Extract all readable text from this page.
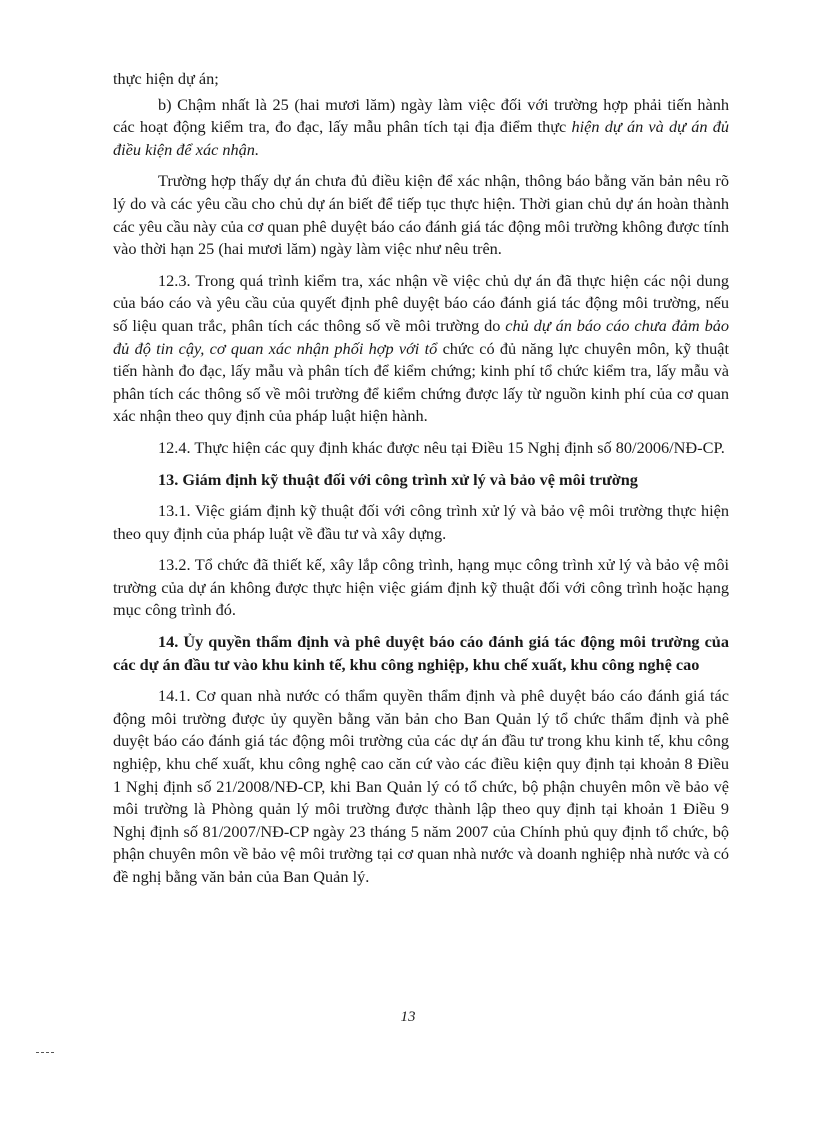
thực hiện dự án;

b) Chậm nhất là 25 (hai mươi lăm) ngày làm việc đối với trường hợp phải tiến hành các hoạt động kiểm tra, đo đạc, lấy mẫu phân tích tại địa điểm thực hiện dự án và dự án đủ điều kiện để xác nhận.

Trường hợp thấy dự án chưa đủ điều kiện để xác nhận, thông báo bằng văn bản nêu rõ lý do và các yêu cầu cho chủ dự án biết để tiếp tục thực hiện. Thời gian chủ dự án hoàn thành các yêu cầu này của cơ quan phê duyệt báo cáo đánh giá tác động môi trường không được tính vào thời hạn 25 (hai mươi lăm) ngày làm việc như nêu trên.

12.3. Trong quá trình kiểm tra, xác nhận về việc chủ dự án đã thực hiện các nội dung của báo cáo và yêu cầu của quyết định phê duyệt báo cáo đánh giá tác động môi trường, nếu số liệu quan trắc, phân tích các thông số về môi trường do chủ dự án báo cáo chưa đảm bảo đủ độ tin cậy, cơ quan xác nhận phối hợp với tổ chức có đủ năng lực chuyên môn, kỹ thuật tiến hành đo đạc, lấy mẫu và phân tích để kiểm chứng; kinh phí tổ chức kiểm tra, lấy mẫu và phân tích các thông số về môi trường để kiểm chứng được lấy từ nguồn kinh phí của cơ quan xác nhận theo quy định của pháp luật hiện hành.

12.4. Thực hiện các quy định khác được nêu tại Điều 15 Nghị định số 80/2006/NĐ-CP.

13. Giám định kỹ thuật đối với công trình xử lý và bảo vệ môi trường

13.1. Việc giám định kỹ thuật đối với công trình xử lý và bảo vệ môi trường thực hiện theo quy định của pháp luật về đầu tư và xây dựng.

13.2. Tổ chức đã thiết kế, xây lắp công trình, hạng mục công trình xử lý và bảo vệ môi trường của dự án không được thực hiện việc giám định kỹ thuật đối với công trình hoặc hạng mục công trình đó.

14. Ủy quyền thẩm định và phê duyệt báo cáo đánh giá tác động môi trường của các dự án đầu tư vào khu kinh tế, khu công nghiệp, khu chế xuất, khu công nghệ cao

14.1. Cơ quan nhà nước có thẩm quyền thẩm định và phê duyệt báo cáo đánh giá tác động môi trường được ủy quyền bằng văn bản cho Ban Quản lý tổ chức thẩm định và phê duyệt báo cáo đánh giá tác động môi trường của các dự án đầu tư trong khu kinh tế, khu công nghiệp, khu chế xuất, khu công nghệ cao căn cứ vào các điều kiện quy định tại khoản 8 Điều 1 Nghị định số 21/2008/NĐ-CP, khi Ban Quản lý có tổ chức, bộ phận chuyên môn về bảo vệ môi trường là Phòng quản lý môi trường được thành lập theo quy định tại khoản 1 Điều 9 Nghị định số 81/2007/NĐ-CP ngày 23 tháng 5 năm 2007 của Chính phủ quy định tổ chức, bộ phận chuyên môn về bảo vệ môi trường tại cơ quan nhà nước và doanh nghiệp nhà nước và có đề nghị bằng văn bản của Ban Quản lý.

13
